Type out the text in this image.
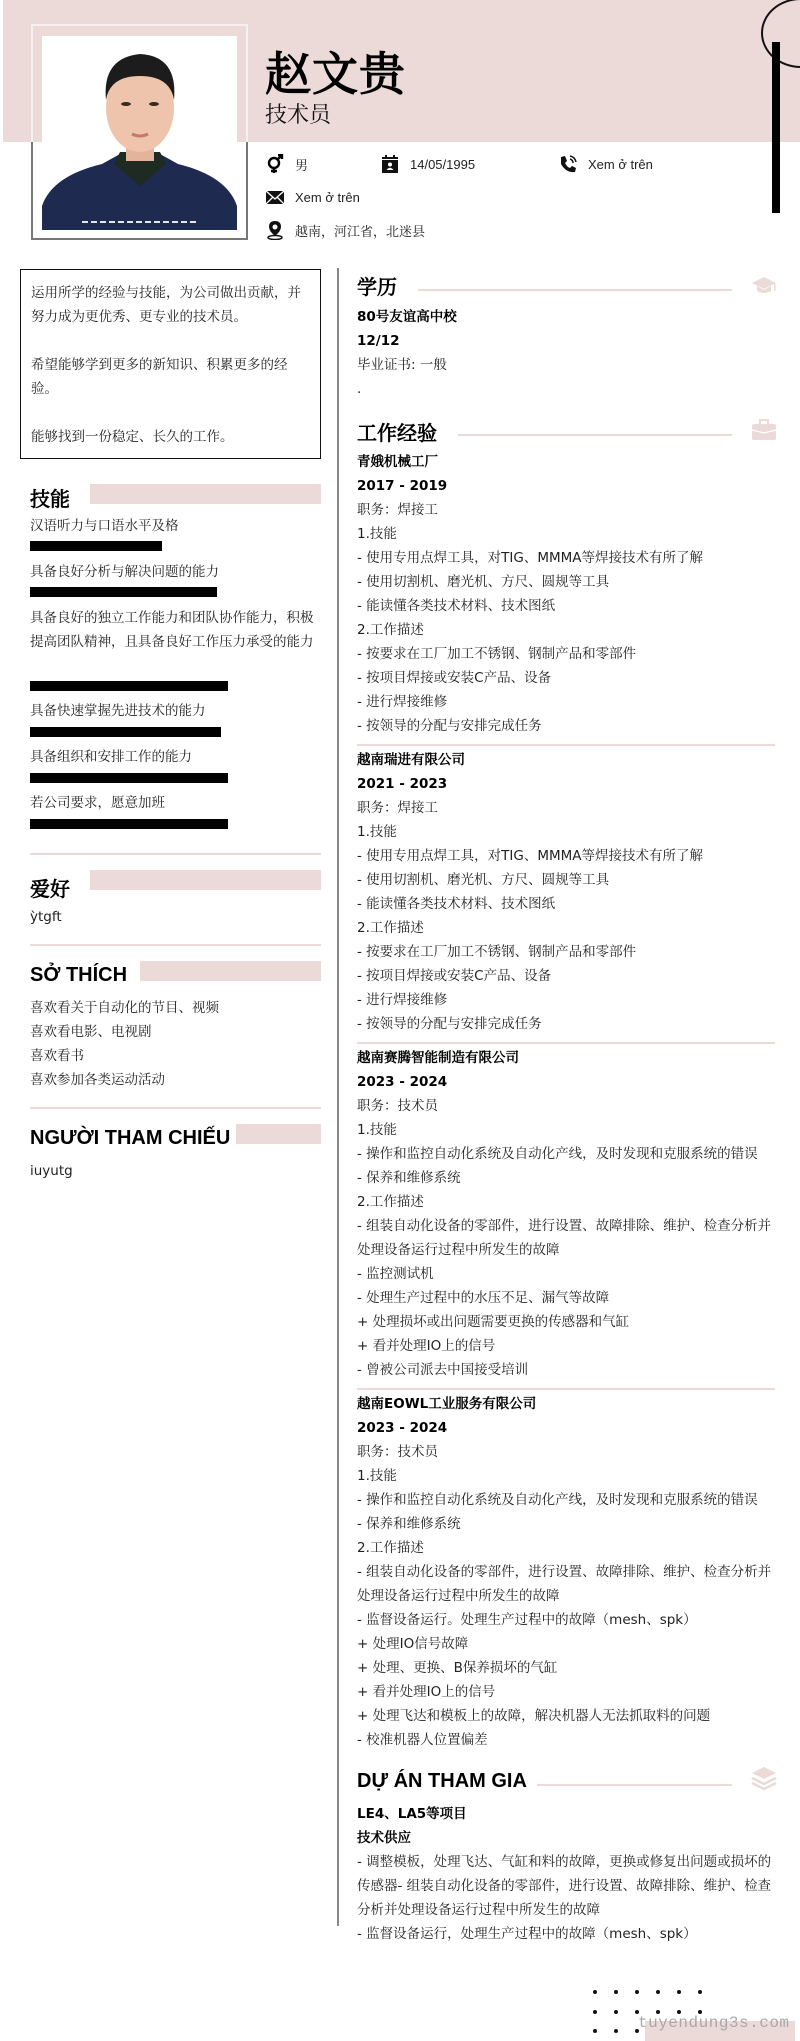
赵文贵
技术员
男	14/05/1995	Xem ở trên
Xem ở trên
越南，河江省，北迷县

运用所学的经验与技能，为公司做出贡献，并努力成为更优秀、更专业的技术员。

希望能够学到更多的新知识、积累更多的经验。

能够找到一份稳定、长久的工作。

技能
汉语听力与口语水平及格
具备良好分析与解决问题的能力
具备良好的独立工作能力和团队协作能力，积极提高团队精神，且具备良好工作压力承受的能力
具备快速掌握先进技术的能力
具备组织和安排工作的能力
若公司要求，愿意加班
爱好
ỳtgft
SỞ THÍCH
喜欢看关于自动化的节目、视频
喜欢看电影、电视剧
喜欢看书
喜欢参加各类运动活动
NGƯỜI THAM CHIẾU
iuyutg
学历
80号友谊高中校
12/12
毕业证书: 一般
.
工作经验
青娥机械工厂
2017 - 2019
职务：焊接工
1.技能
- 使用专用点焊工具，对TIG、MMMA等焊接技术有所了解
- 使用切割机、磨光机、方尺、圆规等工具
- 能读懂各类技术材料、技术图纸
2.工作描述
- 按要求在工厂加工不锈钢、钢制产品和零部件
- 按项目焊接或安装C产品、设备
- 进行焊接维修
- 按领导的分配与安排完成任务
越南瑞进有限公司
2021 - 2023
职务：焊接工
1.技能
- 使用专用点焊工具，对TIG、MMMA等焊接技术有所了解
- 使用切割机、磨光机、方尺、圆规等工具
- 能读懂各类技术材料、技术图纸
2.工作描述
- 按要求在工厂加工不锈钢、钢制产品和零部件
- 按项目焊接或安装C产品、设备
- 进行焊接维修
- 按领导的分配与安排完成任务
越南赛腾智能制造有限公司
2023 - 2024
职务：技术员
1.技能
- 操作和监控自动化系统及自动化产线，及时发现和克服系统的错误
- 保养和维修系统
2.工作描述
- 组装自动化设备的零部件，进行设置、故障排除、维护、检查分析并处理设备运行过程中所发生的故障
- 监控测试机
- 处理生产过程中的水压不足、漏气等故障
+ 处理损坏或出问题需要更换的传感器和气缸
+ 看并处理IO上的信号
- 曾被公司派去中国接受培训
越南EOWL工业服务有限公司
2023 - 2024
职务：技术员
1.技能
- 操作和监控自动化系统及自动化产线，及时发现和克服系统的错误
- 保养和维修系统
2.工作描述
- 组装自动化设备的零部件，进行设置、故障排除、维护、检查分析并处理设备运行过程中所发生的故障
- 监督设备运行。处理生产过程中的故障（mesh、spk）
+ 处理IO信号故障
+ 处理、更换、B保养损坏的气缸
+ 看并处理IO上的信号
+ 处理飞达和模板上的故障，解决机器人无法抓取料的问题
- 校准机器人位置偏差
DỰ ÁN THAM GIA
LE4、LA5等项目
技术供应
- 调整模板，处理飞达、气缸和料的故障，更换或修复出问题或损坏的传感器- 组装自动化设备的零部件，进行设置、故障排除、维护、检查分析并处理设备运行过程中所发生的故障
- 监督设备运行，处理生产过程中的故障（mesh、spk）
tuyendung3s.com
